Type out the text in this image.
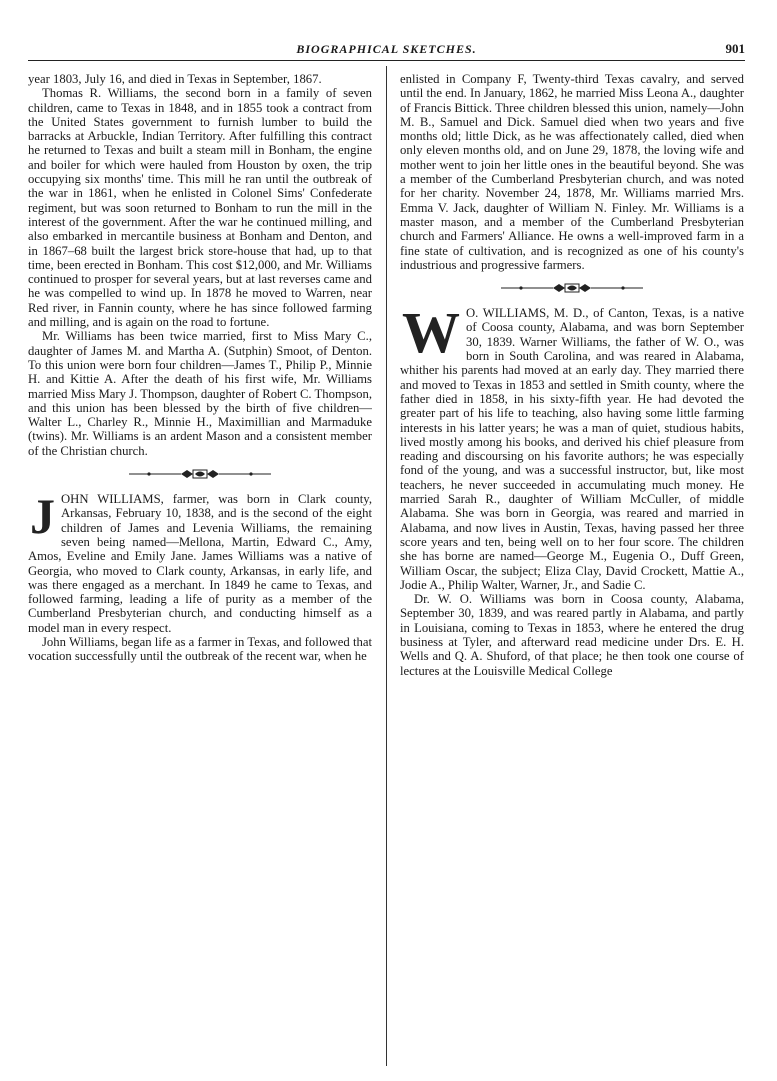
BIOGRAPHICAL SKETCHES.	901

year 1803, July 16, and died in Texas in September, 1867.

Thomas R. Williams, the second born in a family of seven children, came to Texas in 1848, and in 1855 took a contract from the United States government to furnish lumber to build the barracks at Arbuckle, Indian Territory. After fulfilling this contract he returned to Texas and built a steam mill in Bonham, the engine and boiler for which were hauled from Houston by oxen, the trip occupying six months' time. This mill he ran until the outbreak of the war in 1861, when he enlisted in Colonel Sims' Confederate regiment, but was soon returned to Bonham to run the mill in the interest of the government. After the war he continued milling, and also embarked in mercantile business at Bonham and Denton, and in 1867–68 built the largest brick store-house that had, up to that time, been erected in Bonham. This cost $12,000, and Mr. Williams continued to prosper for several years, but at last reverses came and he was compelled to wind up. In 1878 he moved to Warren, near Red river, in Fannin county, where he has since followed farming and milling, and is again on the road to fortune.

Mr. Williams has been twice married, first to Miss Mary C., daughter of James M. and Martha A. (Sutphin) Smoot, of Denton. To this union were born four children—James T., Philip P., Minnie H. and Kittie A. After the death of his first wife, Mr. Williams married Miss Mary J. Thompson, daughter of Robert C. Thompson, and this union has been blessed by the birth of five children—Walter L., Charley R., Minnie H., Maximillian and Marmaduke (twins). Mr. Williams is an ardent Mason and a consistent member of the Christian church.

J OHN WILLIAMS, farmer, was born in Clark county, Arkansas, February 10, 1838, and is the second of the eight children of James and Levenia Williams, the remaining seven being named—Mellona, Martin, Edward C., Amy, Amos, Eveline and Emily Jane. James Williams was a native of Georgia, who moved to Clark county, Arkansas, in early life, and was there engaged as a merchant. In 1849 he came to Texas, and followed farming, leading a life of purity as a member of the Cumberland Presbyterian church, and conducting himself as a model man in every respect.

John Williams, began life as a farmer in Texas, and followed that vocation successfully until the outbreak of the recent war, when he

enlisted in Company F, Twenty-third Texas cavalry, and served until the end. In January, 1862, he married Miss Leona A., daughter of Francis Bittick. Three children blessed this union, namely—John M. B., Samuel and Dick. Samuel died when two years and five months old; little Dick, as he was affectionately called, died when only eleven months old, and on June 29, 1878, the loving wife and mother went to join her little ones in the beautiful beyond. She was a member of the Cumberland Presbyterian church, and was noted for her charity. November 24, 1878, Mr. Williams married Mrs. Emma V. Jack, daughter of William N. Finley. Mr. Williams is a master mason, and a member of the Cumberland Presbyterian church and Farmers' Alliance. He owns a well-improved farm in a fine state of cultivation, and is recognized as one of his county's industrious and progressive farmers.

W O. WILLIAMS, M. D., of Canton, Texas, is a native of Coosa county, Alabama, and was born September 30, 1839. Warner Williams, the father of W. O., was born in South Carolina, and was reared in Alabama, whither his parents had moved at an early day. They married there and moved to Texas in 1853 and settled in Smith county, where the father died in 1858, in his sixty-fifth year. He had devoted the greater part of his life to teaching, also having some little farming interests in his latter years; he was a man of quiet, studious habits, lived mostly among his books, and derived his chief pleasure from reading and discoursing on his favorite authors; he was especially fond of the young, and was a successful instructor, but, like most teachers, he never succeeded in accumulating much money. He married Sarah R., daughter of William McCuller, of middle Alabama. She was born in Georgia, was reared and married in Alabama, and now lives in Austin, Texas, having passed her three score years and ten, being well on to her four score. The children she has borne are named—George M., Eugenia O., Duff Green, William Oscar, the subject; Eliza Clay, David Crockett, Mattie A., Jodie A., Philip Walter, Warner, Jr., and Sadie C.

Dr. W. O. Williams was born in Coosa county, Alabama, September 30, 1839, and was reared partly in Alabama, and partly in Louisiana, coming to Texas in 1853, where he entered the drug business at Tyler, and afterward read medicine under Drs. E. H. Wells and Q. A. Shuford, of that place; he then took one course of lectures at the Louisville Medical College
